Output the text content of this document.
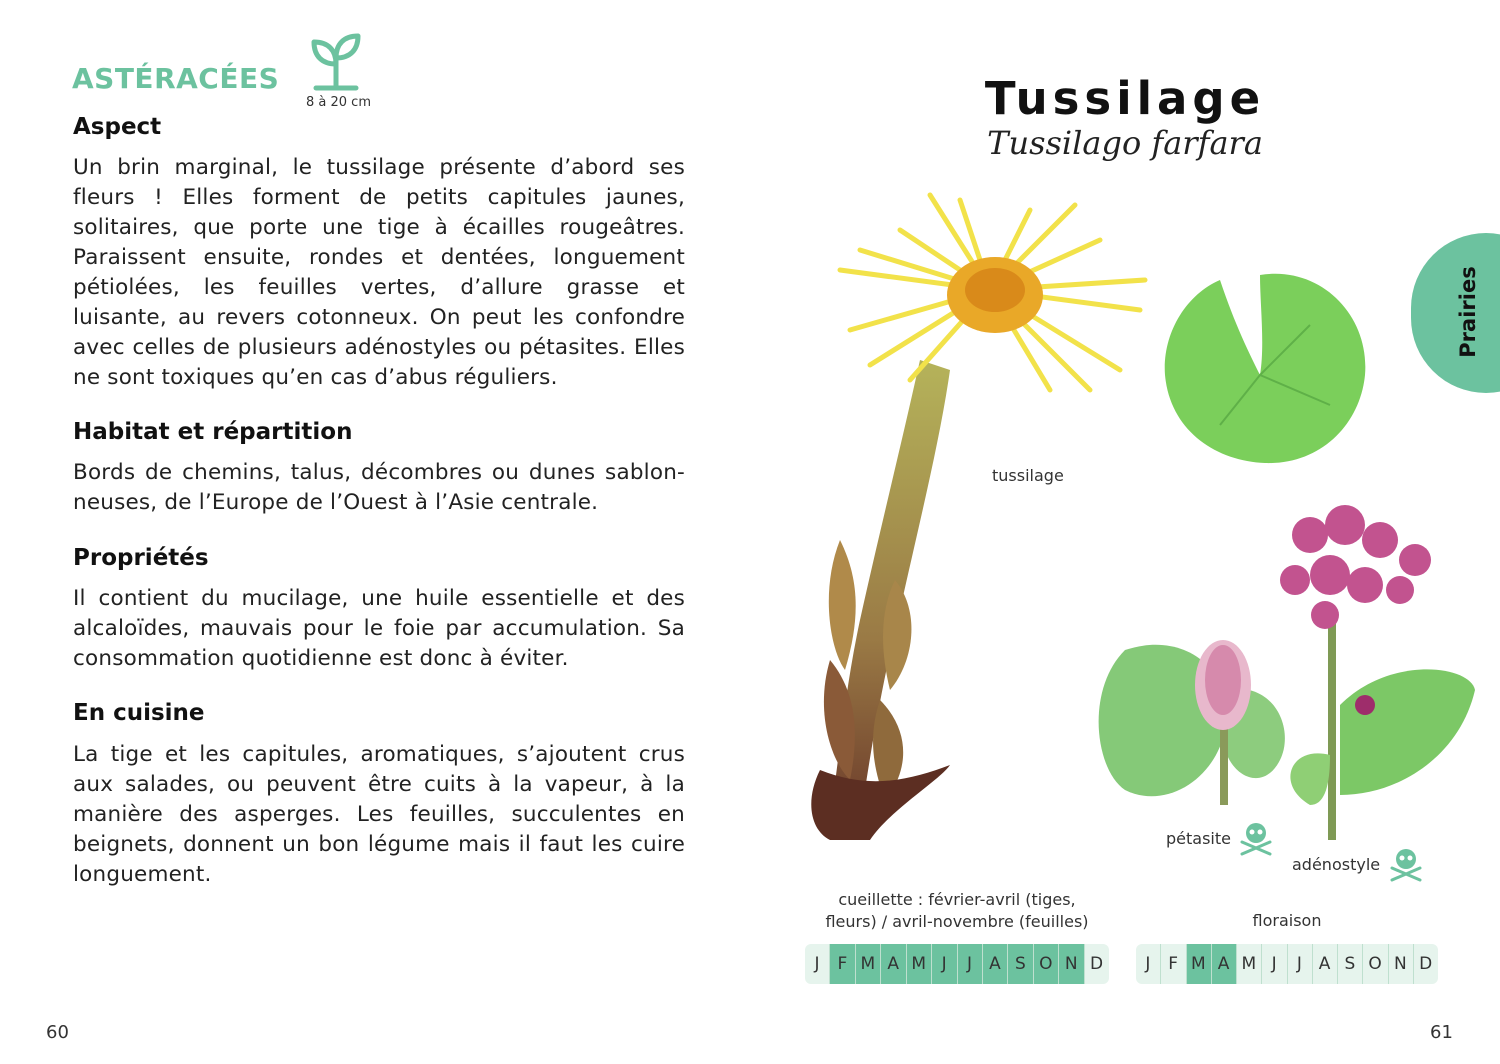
ASTÉRACÉES
8 à 20 cm
Aspect
Un brin marginal, le tussilage présente d’abord ses fleurs ! Elles forment de petits capitules jaunes, solitaires, que porte une tige à écailles rougeâtres. Paraissent ensuite, rondes et dentées, longuement pétiolées, les feuilles vertes, d’allure grasse et luisante, au revers cotonneux. On peut les confondre avec celles de plusieurs adénostyles ou pétasites. Elles ne sont toxiques qu’en cas d’abus réguliers.
Habitat et répartition
Bords de chemins, talus, décombres ou dunes sablon-neuses, de l’Europe de l’Ouest à l’Asie centrale.
Propriétés
Il contient du mucilage, une huile essentielle et des alcaloïdes, mauvais pour le foie par accumulation. Sa consommation quotidienne est donc à éviter.
En cuisine
La tige et les capitules, aromatiques, s’ajoutent crus aux salades, ou peuvent être cuits à la vapeur, à la manière des asperges. Les feuilles, succulentes en beignets, donnent un bon légume mais il faut les cuire longuement.
60
Tussilage
Tussilago farfara
Prairies
tussilage
pétasite
adénostyle
cueillette : février-avril (tiges,
fleurs) / avril-novembre (feuilles)
J	F M A M J	J A S O N D
floraison
J	F M A M J	J A S O N D
61
